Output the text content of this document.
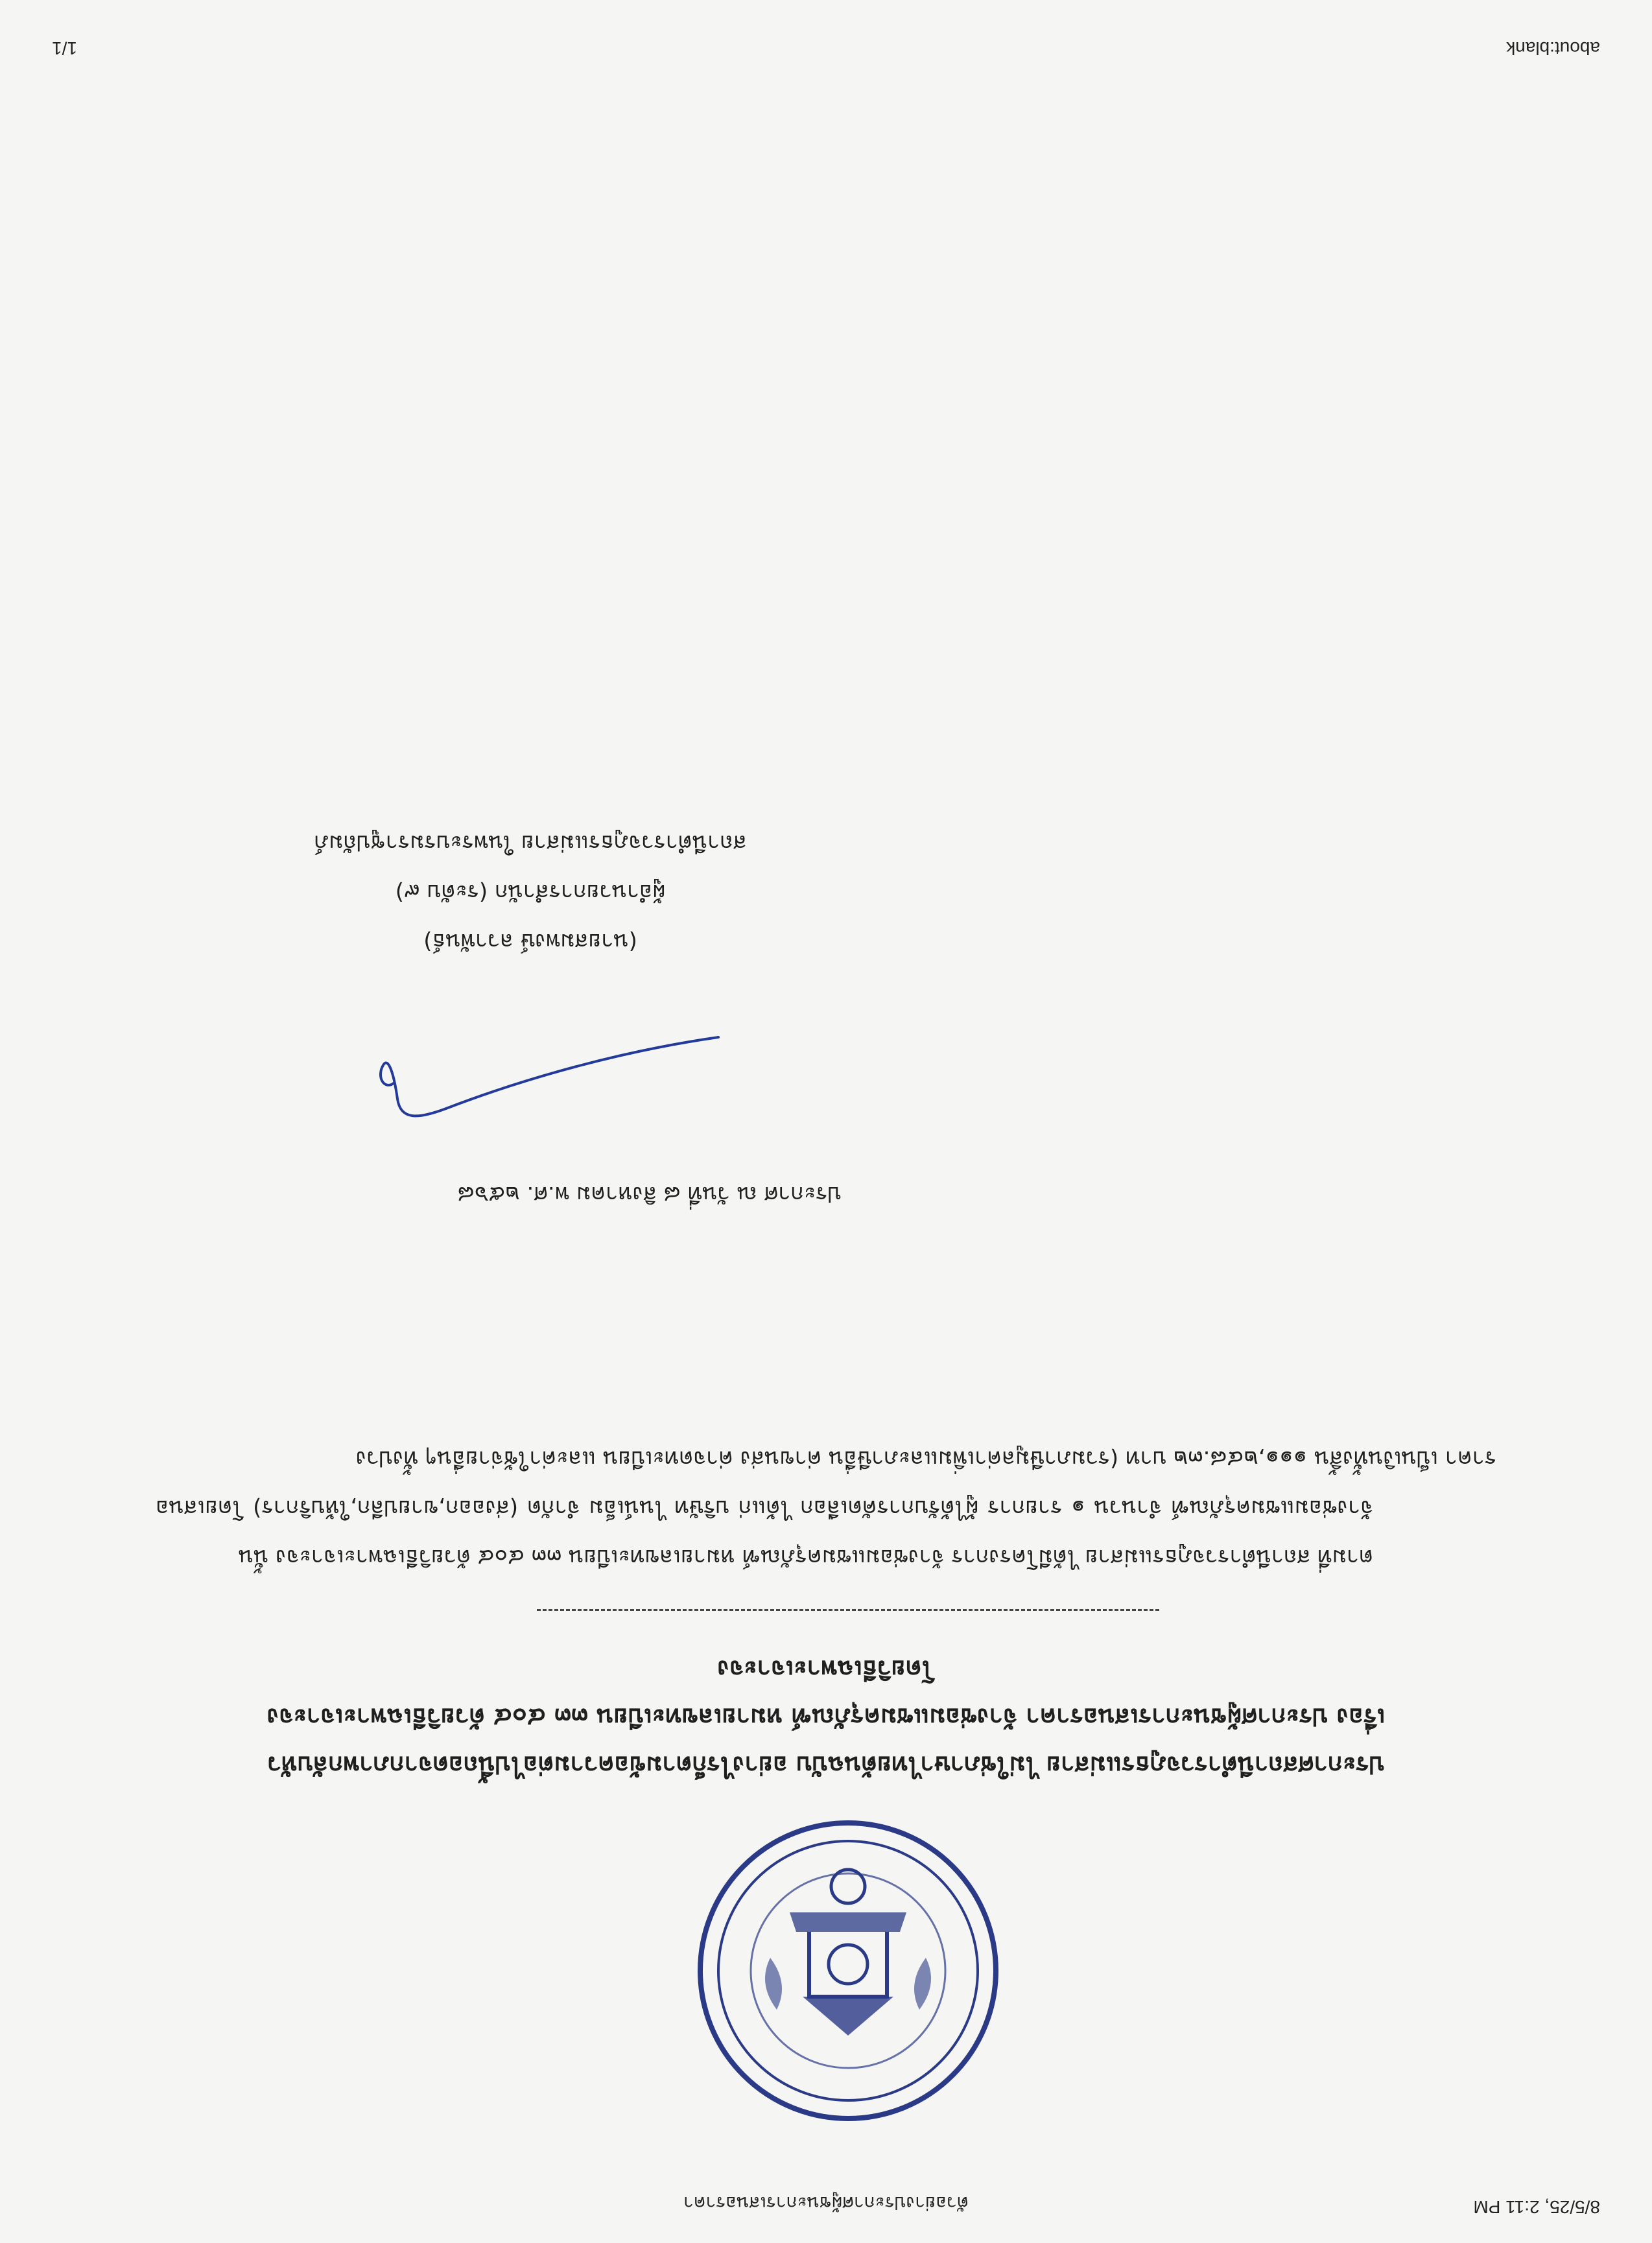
8/5/25, 2:11 PM
ตัวอย่างประกาศผู้ชนะการเสนอราคา
ประกาศสถานีตำรวจภูธรแม่สาย ไม่ใช่ภาษาไทยต้นฉบับ อย่างไรก็ตามข้อความต่อไปนี้ถอดจากภาพกลับหัว
เรื่อง ประกาศผู้ชนะการเสนอราคา จ้างซ่อมแซมครุภัณฑ์ หมายเลขทะเบียน ๓๓ ๔๐๔ ด้วยวิธีเฉพาะเจาะจง
โดยวิธีเฉพาะเจาะจง

ตามที่ สถานีตำรวจภูธรแม่สาย ได้มีโครงการ จ้างซ่อมแซมครุภัณฑ์ หมายเลขทะเบียน ๓๓ ๔๐๔ ด้วยวิธีเฉพาะเจาะจง นั้น

จ้างซ่อมแซมครุภัณฑ์ จำนวน ๑ รายการ ผู้ได้รับการคัดเลือก ได้แก่ บริษัท ไนน์เอ็ม จำกัด (ส่งออก,ขายปลีก,ให้บริการ) โดยเสนอราคา เป็นเงินทั้งสิ้น ๑๑๑,๒๔๘.๓๒ บาท (รวมภาษีมูลค่าเพิ่มและภาษีอื่น ค่าขนส่ง ค่าจดทะเบียน และค่าใช้จ่ายอื่นๆ ทั้งปวง

ประกาศ ณ วันที่ ๘ สิงหาคม พ.ศ. ๒๕๖๘
(นายสมพงษ์ ลวาพันธ์)
ผู้อำนวยการสำนัก (ระดับ ๙)
สถานีตำรวจภูธรแม่สาย ในพระบรมราชูปถัมภ์
about:blank
1/1
